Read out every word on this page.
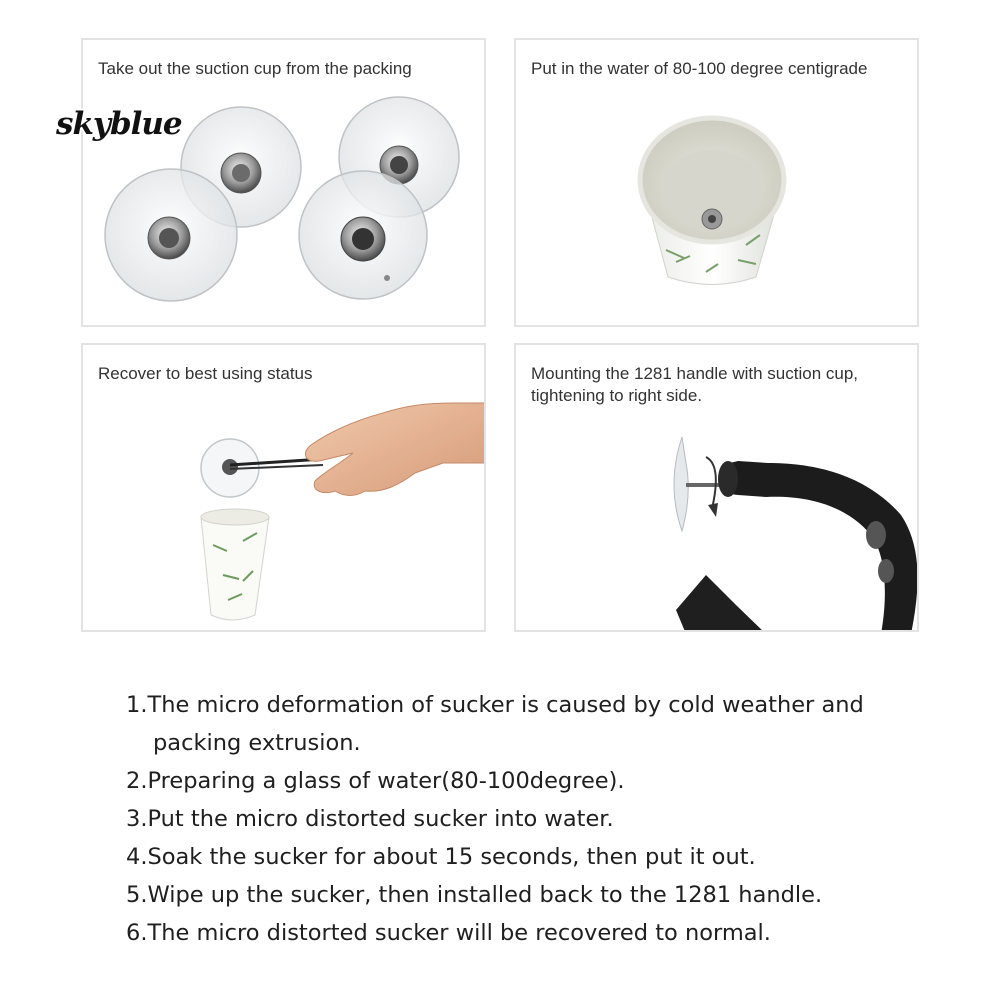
Take out the suction cup from the packing	Put in the water of 80-100 degree centigrade

Recover to best using status	Mounting the 1281 handle with suction cup,
tightening to right side.

skyblue
1.The micro deformation of sucker is caused by cold weather and
packing extrusion.
2.Preparing a glass of water(80-100degree).
3.Put the micro distorted sucker into water.
4.Soak the sucker for about 15 seconds, then put it out.
5.Wipe up the sucker, then installed back to the 1281 handle.
6.The micro distorted sucker will be recovered to normal.
